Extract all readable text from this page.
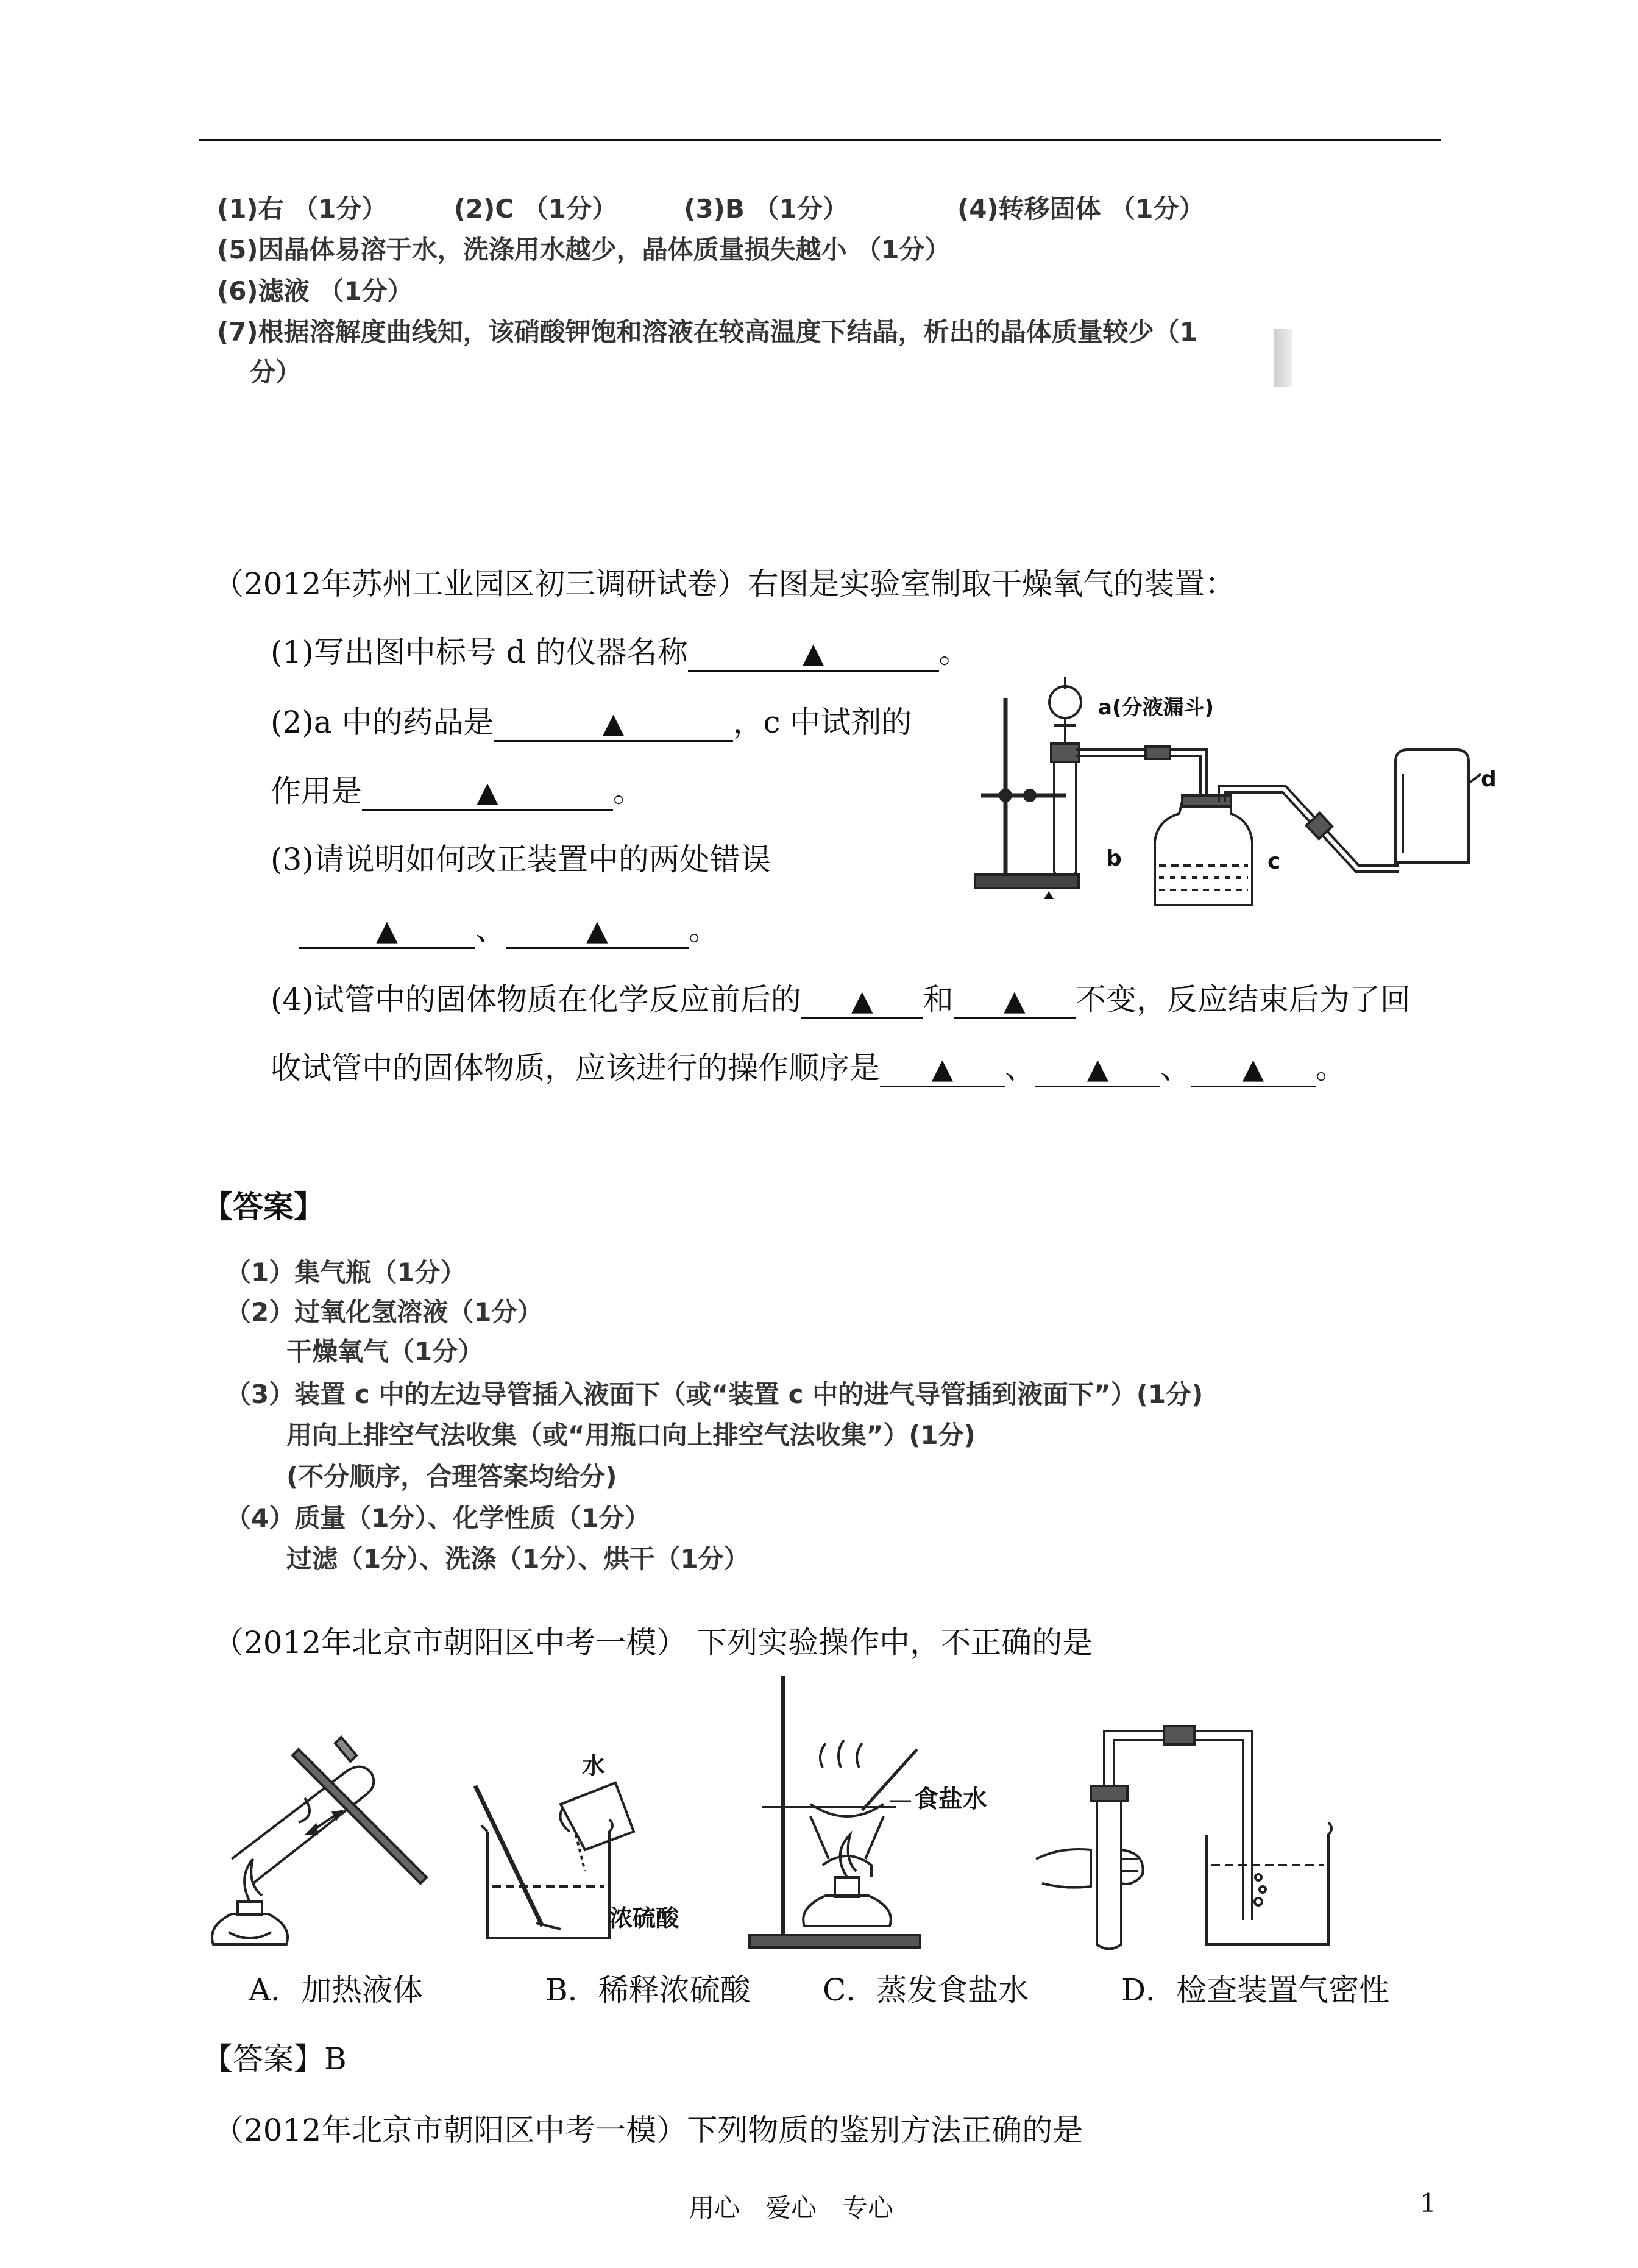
(1)右 （1分）	(2)C （1分）	(3)B （1分）	(4)转移固体 （1分）
(5)因晶体易溶于水，洗涤用水越少，晶体质量损失越小 （1分）
(6)滤液 （1分）
(7)根据溶解度曲线知，该硝酸钾饱和溶液在较高温度下结晶，析出的晶体质量较少（1
分）
（2012年苏州工业园区初三调研试卷）右图是实验室制取干燥氧气的装置：
(1)写出图中标号 d 的仪器名称	▲	。
(2)a 中的药品是	▲	，c 中试剂的
作用是	▲	。
(3)请说明如何改正装置中的两处错误
▲	、	▲	。
(4)试管中的固体物质在化学反应前后的 ▲ 和 ▲ 不变，反应结束后为了回
收试管中的固体物质，应该进行的操作顺序是 ▲ 、 ▲ 、 ▲ 。
a(分液漏斗)
b	c
d
【答案】
（1）集气瓶（1分）
（2）过氧化氢溶液（1分）
干燥氧气（1分）
（3）装置 c 中的左边导管插入液面下（或“装置 c 中的进气导管插到液面下”）(1分)
用向上排空气法收集（或“用瓶口向上排空气法收集”）(1分)
(不分顺序，合理答案均给分)
（4）质量（1分）、化学性质（1分）
过滤（1分）、洗涤（1分）、烘干（1分）
（2012年北京市朝阳区中考一模） 下列实验操作中，不正确的是
水
浓硫酸
食盐水
A．加热液体	B．稀释浓硫酸 C．蒸发食盐水	D．检查装置气密性
【答案】B
（2012年北京市朝阳区中考一模）下列物质的鉴别方法正确的是
用心　爱心　专心	1
